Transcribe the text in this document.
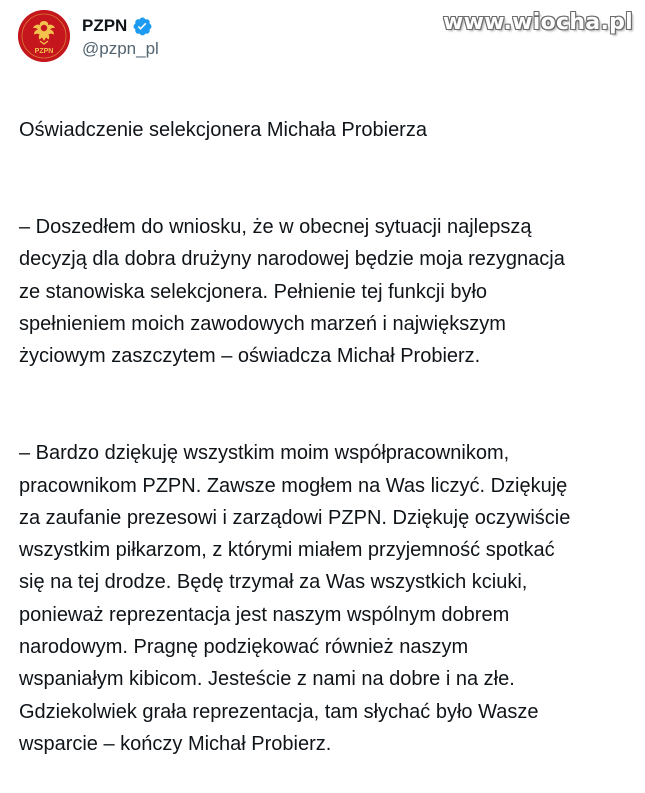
PZPN
PZPN
@pzpn_pl
www.wiocha.pl

Oświadczenie selekcjonera Michała Probierza

– Doszedłem do wniosku, że w obecnej sytuacji najlepszą
decyzją dla dobra drużyny narodowej będzie moja rezygnacja
ze stanowiska selekcjonera. Pełnienie tej funkcji było
spełnieniem moich zawodowych marzeń i największym
życiowym zaszczytem – oświadcza Michał Probierz.

– Bardzo dziękuję wszystkim moim współpracownikom,
pracownikom PZPN. Zawsze mogłem na Was liczyć. Dziękuję
za zaufanie prezesowi i zarządowi PZPN. Dziękuję oczywiście
wszystkim piłkarzom, z którymi miałem przyjemność spotkać
się na tej drodze. Będę trzymał za Was wszystkich kciuki,
ponieważ reprezentacja jest naszym wspólnym dobrem
narodowym. Pragnę podziękować również naszym
wspaniałym kibicom. Jesteście z nami na dobre i na złe.
Gdziekolwiek grała reprezentacja, tam słychać było Wasze
wsparcie – kończy Michał Probierz.
